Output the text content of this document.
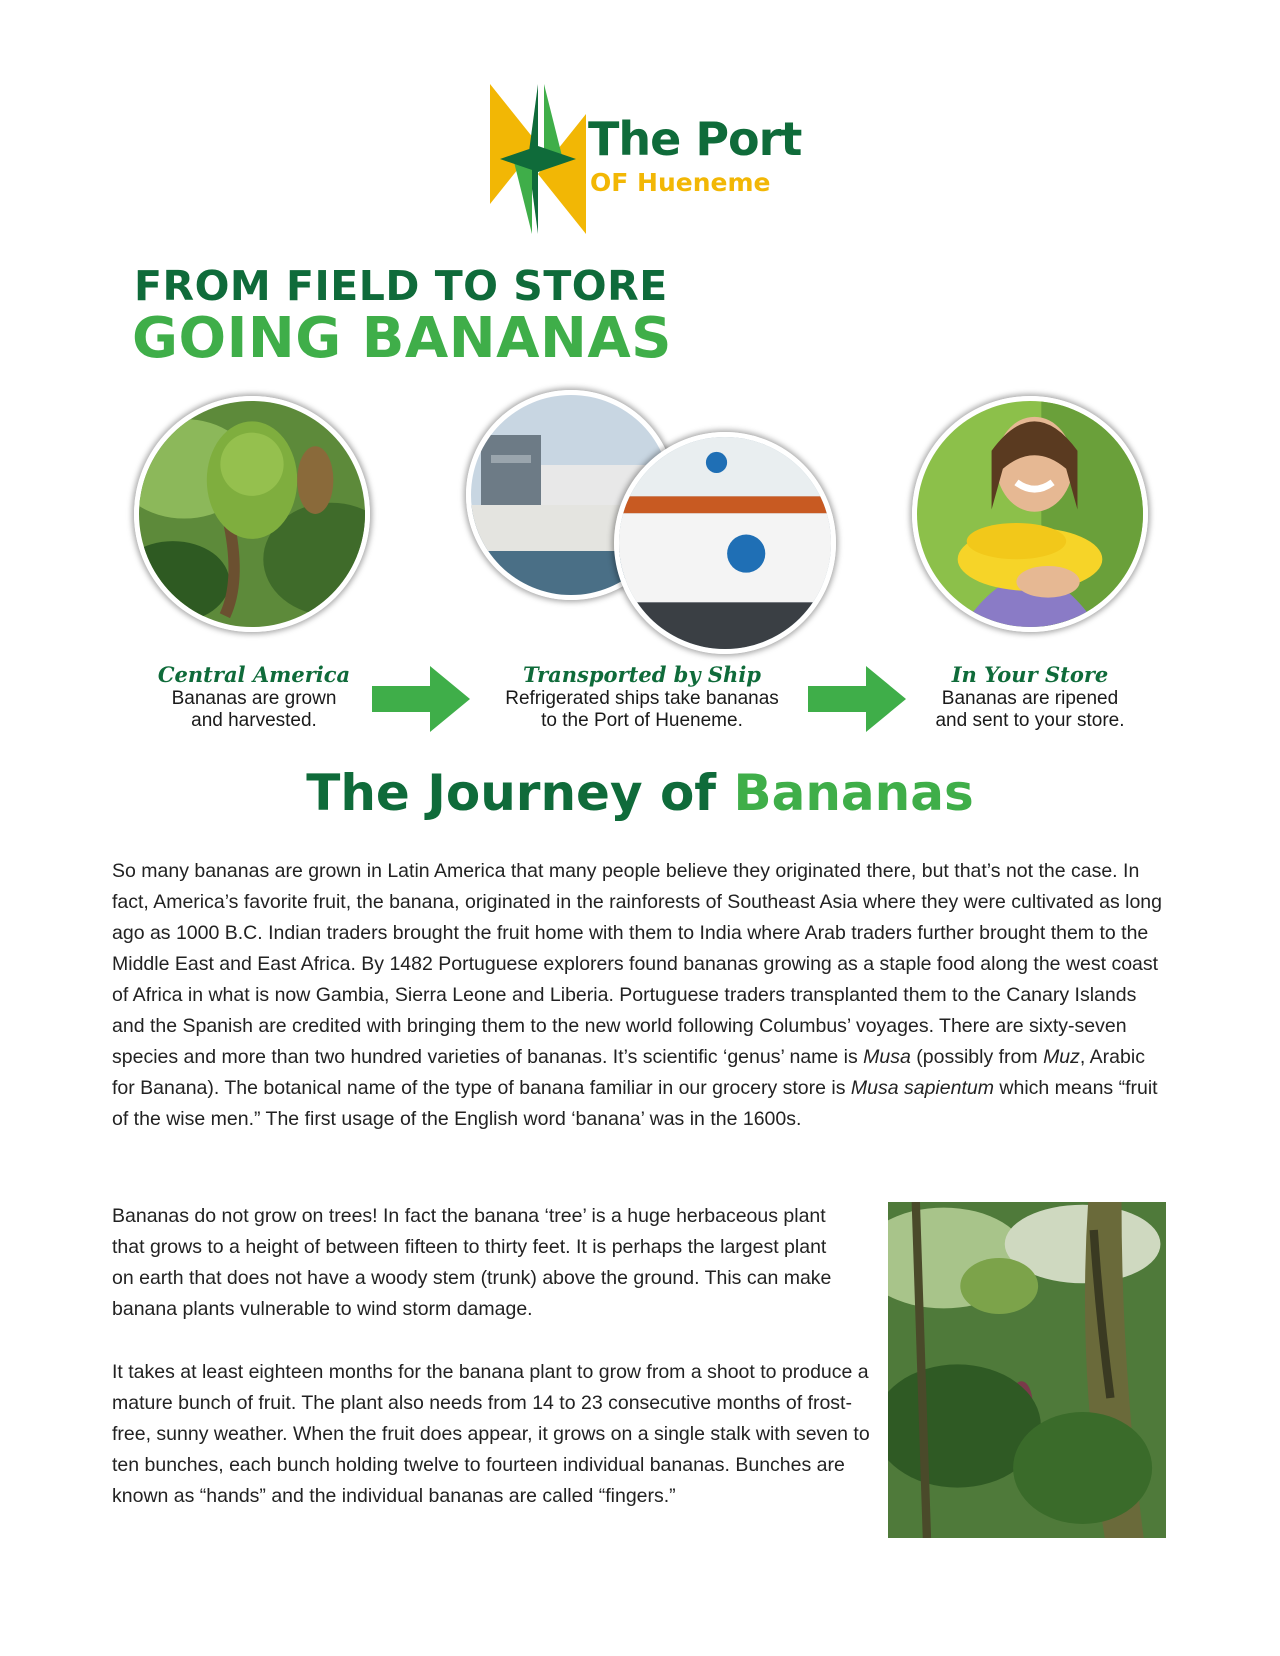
The Port
OF Hueneme
FROM FIELD TO STORE
GOING BANANAS
Central America
Bananas are grown
and harvested.
Transported by Ship
Refrigerated ships take bananas
to the Port of Hueneme.
In Your Store
Bananas are ripened
and sent to your store.
The Journey of Bananas

So many bananas are grown in Latin America that many people believe they originated there, but that’s not the case. In fact, America’s favorite fruit, the banana, originated in the rainforests of Southeast Asia where they were cultivated as long ago as 1000 B.C. Indian traders brought the fruit home with them to India where Arab traders further brought them to the Middle East and East Africa. By 1482 Portuguese explorers found bananas growing as a staple food along the west coast of Africa in what is now Gambia, Sierra Leone and Liberia. Portuguese traders transplanted them to the Canary Islands and the Spanish are credited with bringing them to the new world following Columbus’ voyages. There are sixty-seven species and more than two hundred varieties of bananas. It’s scientific ‘genus’ name is Musa (possibly from Muz, Arabic for Banana). The botanical name of the type of banana familiar in our grocery store is Musa sapientum which means “fruit of the wise men.” The first usage of the English word ‘banana’ was in the 1600s.

Bananas do not grow on trees! In fact the banana ‘tree’ is a huge herbaceous plant that grows to a height of between fifteen to thirty feet. It is perhaps the largest plant on earth that does not have a woody stem (trunk) above the ground. This can make banana plants vulnerable to wind storm damage.

It takes at least eighteen months for the banana plant to grow from a shoot to produce a mature bunch of fruit. The plant also needs from 14 to 23 consecutive months of frost-free, sunny weather. When the fruit does appear, it grows on a single stalk with seven to ten bunches, each bunch holding twelve to fourteen individual bananas. Bunches are known as “hands” and the individual bananas are called “fingers.”
